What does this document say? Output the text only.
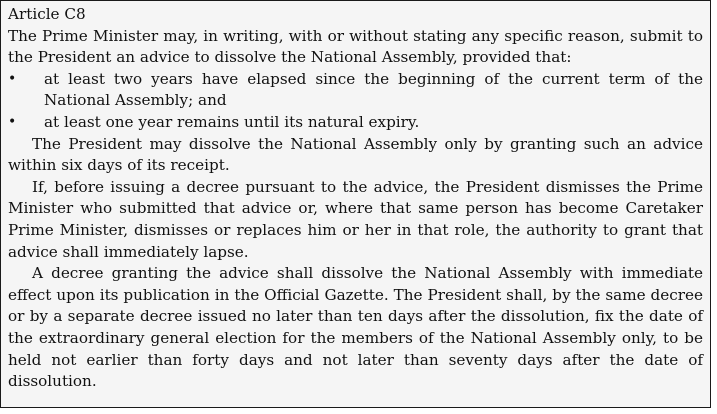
Article C8

The Prime Minister may, in writing, with or without stating any specific reason, submit to the President an advice to dissolve the National Assembly, provided that:

•	at least two years have elapsed since the beginning of the current term of the National Assembly; and
•	at least one year remains until its natural expiry.

The President may dissolve the National Assembly only by granting such an advice within six days of its receipt.

If, before issuing a decree pursuant to the advice, the President dismisses the Prime Minister who submitted that advice or, where that same person has become Caretaker Prime Minister, dismisses or replaces him or her in that role, the authority to grant that advice shall immediately lapse.

A decree granting the advice shall dissolve the National Assembly with immediate effect upon its publication in the Official Gazette. The President shall, by the same decree or by a separate decree issued no later than ten days after the dissolution, fix the date of the extraordinary general election for the members of the National Assembly only, to be held not earlier than forty days and not later than seventy days after the date of dissolution.
